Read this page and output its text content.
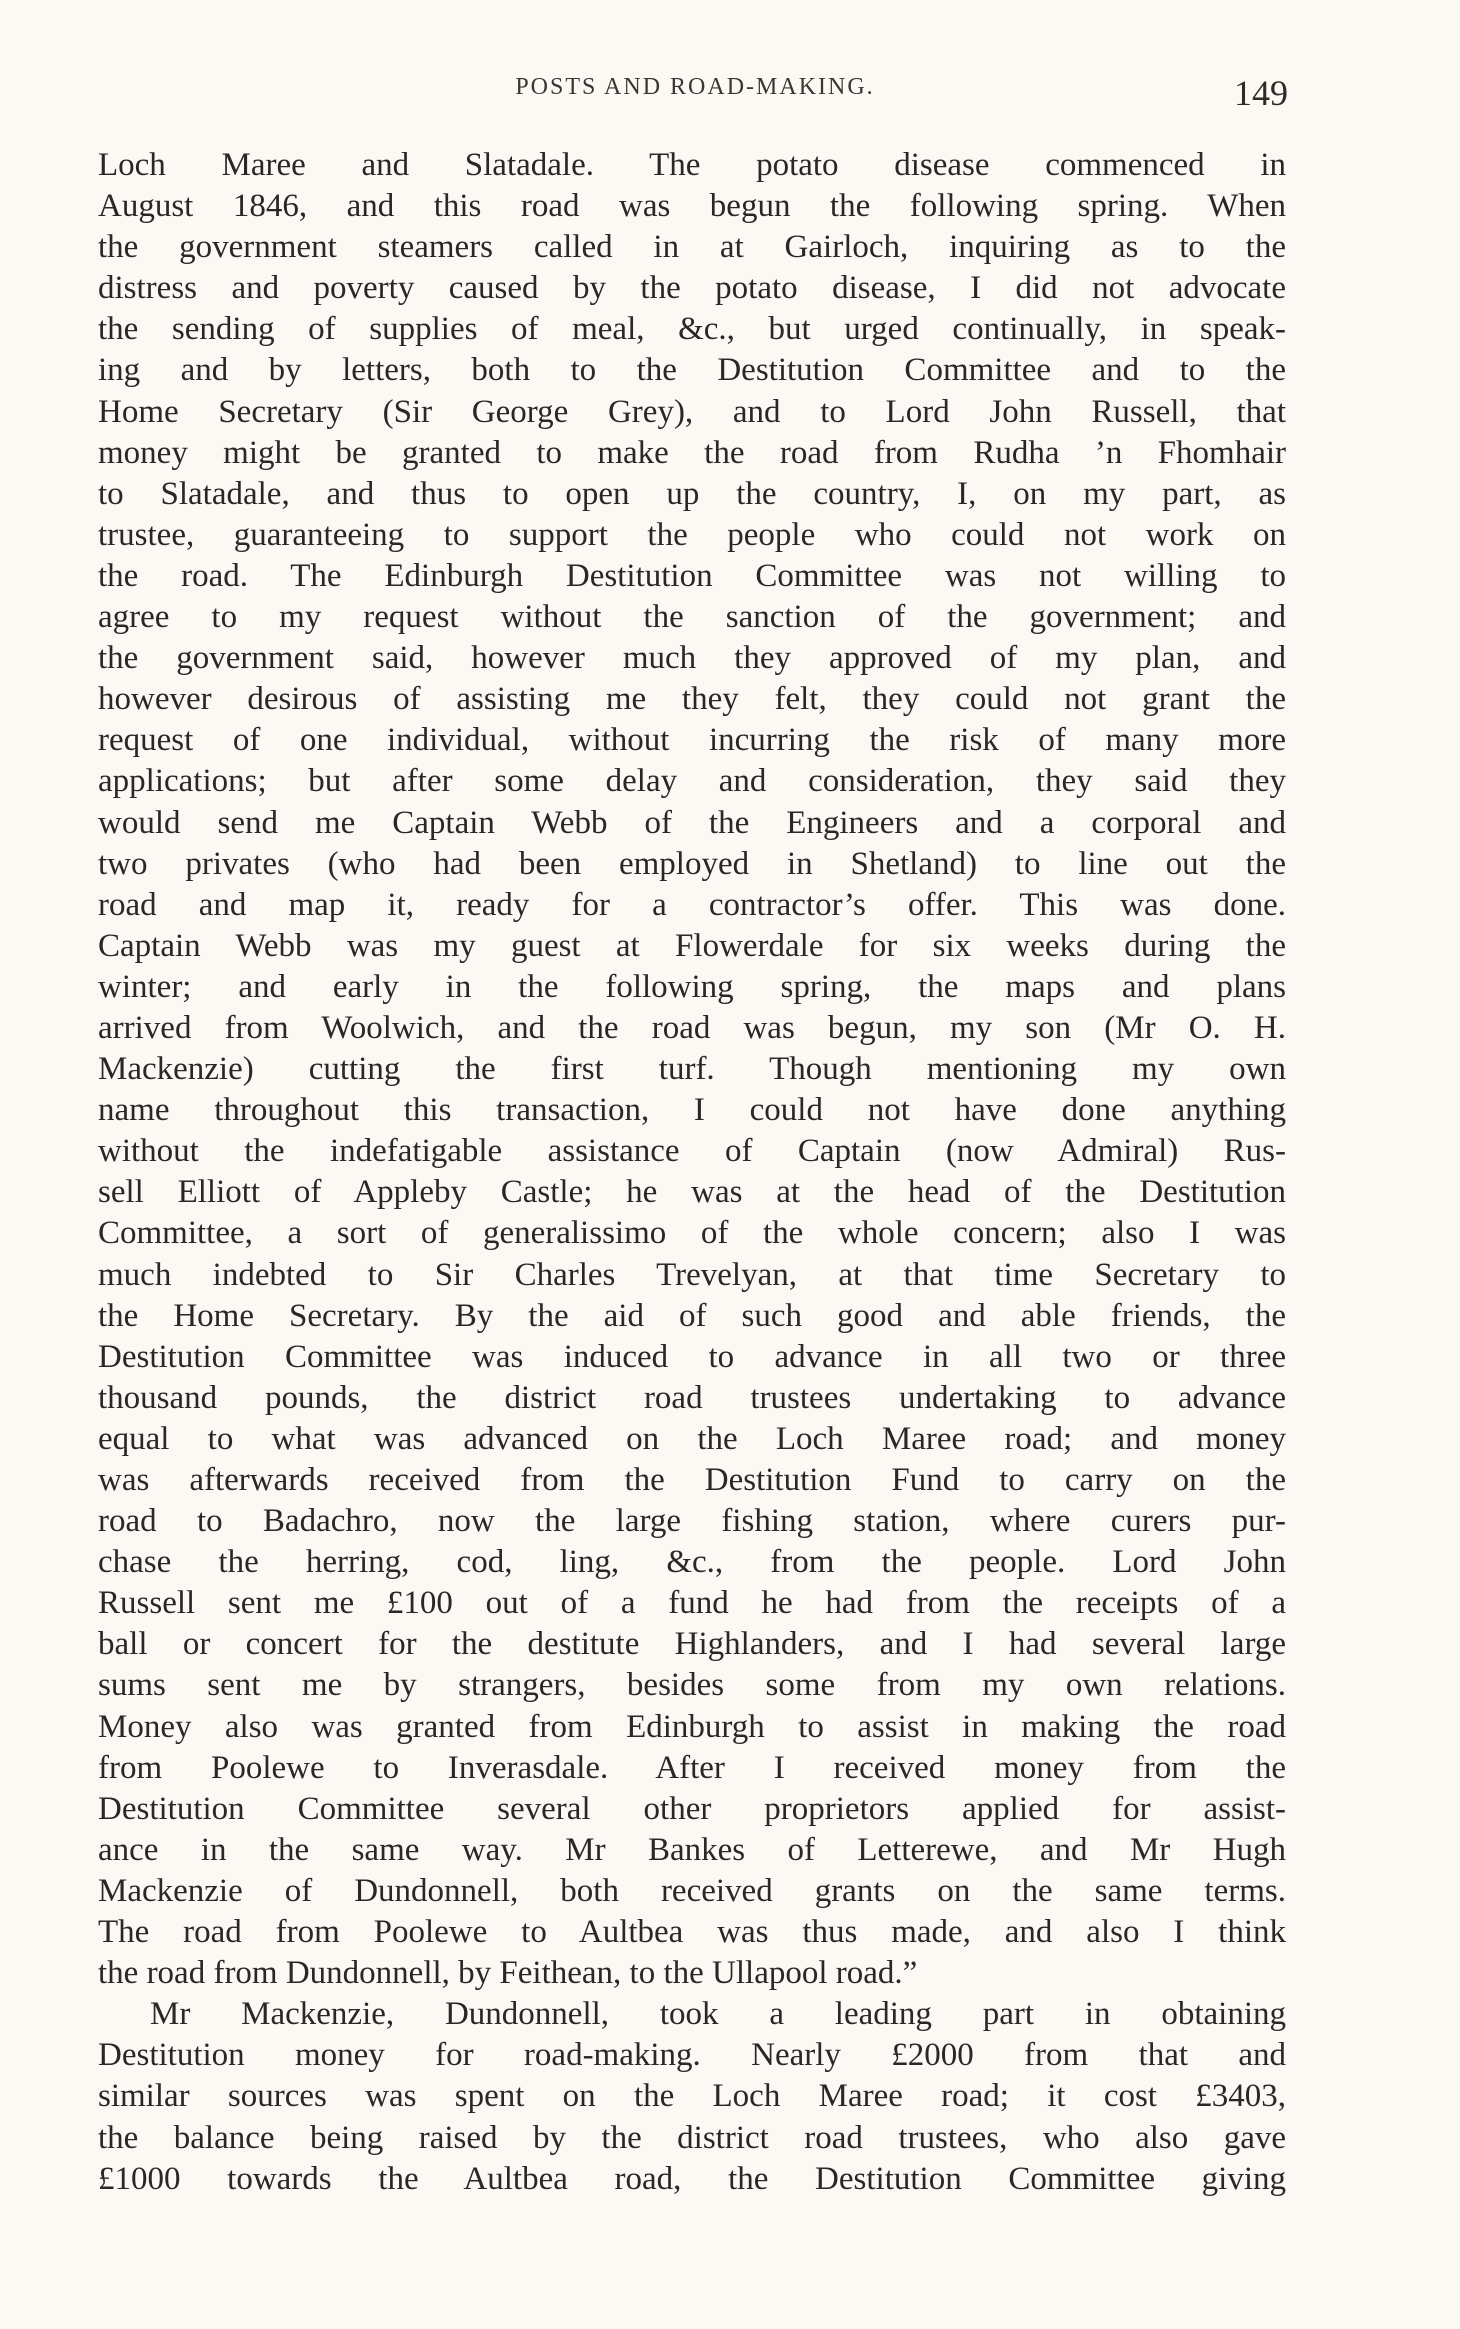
POSTS AND ROAD-MAKING.	149
Loch Maree and Slatadale. The potato disease commenced in
August 1846, and this road was begun the following spring. When
the government steamers called in at Gairloch, inquiring as to the
distress and poverty caused by the potato disease, I did not advocate
the sending of supplies of meal, &c., but urged continually, in speak-
ing and by letters, both to the Destitution Committee and to the
Home Secretary (Sir George Grey), and to Lord John Russell, that
money might be granted to make the road from Rudha ’n Fhomhair
to Slatadale, and thus to open up the country, I, on my part, as
trustee, guaranteeing to support the people who could not work on
the road. The Edinburgh Destitution Committee was not willing to
agree to my request without the sanction of the government; and
the government said, however much they approved of my plan, and
however desirous of assisting me they felt, they could not grant the
request of one individual, without incurring the risk of many more
applications; but after some delay and consideration, they said they
would send me Captain Webb of the Engineers and a corporal and
two privates (who had been employed in Shetland) to line out the
road and map it, ready for a contractor’s offer. This was done.
Captain Webb was my guest at Flowerdale for six weeks during the
winter; and early in the following spring, the maps and plans
arrived from Woolwich, and the road was begun, my son (Mr O. H.
Mackenzie) cutting the first turf. Though mentioning my own
name throughout this transaction, I could not have done anything
without the indefatigable assistance of Captain (now Admiral) Rus-
sell Elliott of Appleby Castle; he was at the head of the Destitution
Committee, a sort of generalissimo of the whole concern; also I was
much indebted to Sir Charles Trevelyan, at that time Secretary to
the Home Secretary. By the aid of such good and able friends, the
Destitution Committee was induced to advance in all two or three
thousand pounds, the district road trustees undertaking to advance
equal to what was advanced on the Loch Maree road; and money
was afterwards received from the Destitution Fund to carry on the
road to Badachro, now the large fishing station, where curers pur-
chase the herring, cod, ling, &c., from the people. Lord John
Russell sent me £100 out of a fund he had from the receipts of a
ball or concert for the destitute Highlanders, and I had several large
sums sent me by strangers, besides some from my own relations.
Money also was granted from Edinburgh to assist in making the road
from Poolewe to Inverasdale. After I received money from the
Destitution Committee several other proprietors applied for assist-
ance in the same way. Mr Bankes of Letterewe, and Mr Hugh
Mackenzie of Dundonnell, both received grants on the same terms.
The road from Poolewe to Aultbea was thus made, and also I think
the road from Dundonnell, by Feithean, to the Ullapool road.”
Mr Mackenzie, Dundonnell, took a leading part in obtaining
Destitution money for road-making. Nearly £2000 from that and
similar sources was spent on the Loch Maree road; it cost £3403,
the balance being raised by the district road trustees, who also gave
£1000 towards the Aultbea road, the Destitution Committee giving
